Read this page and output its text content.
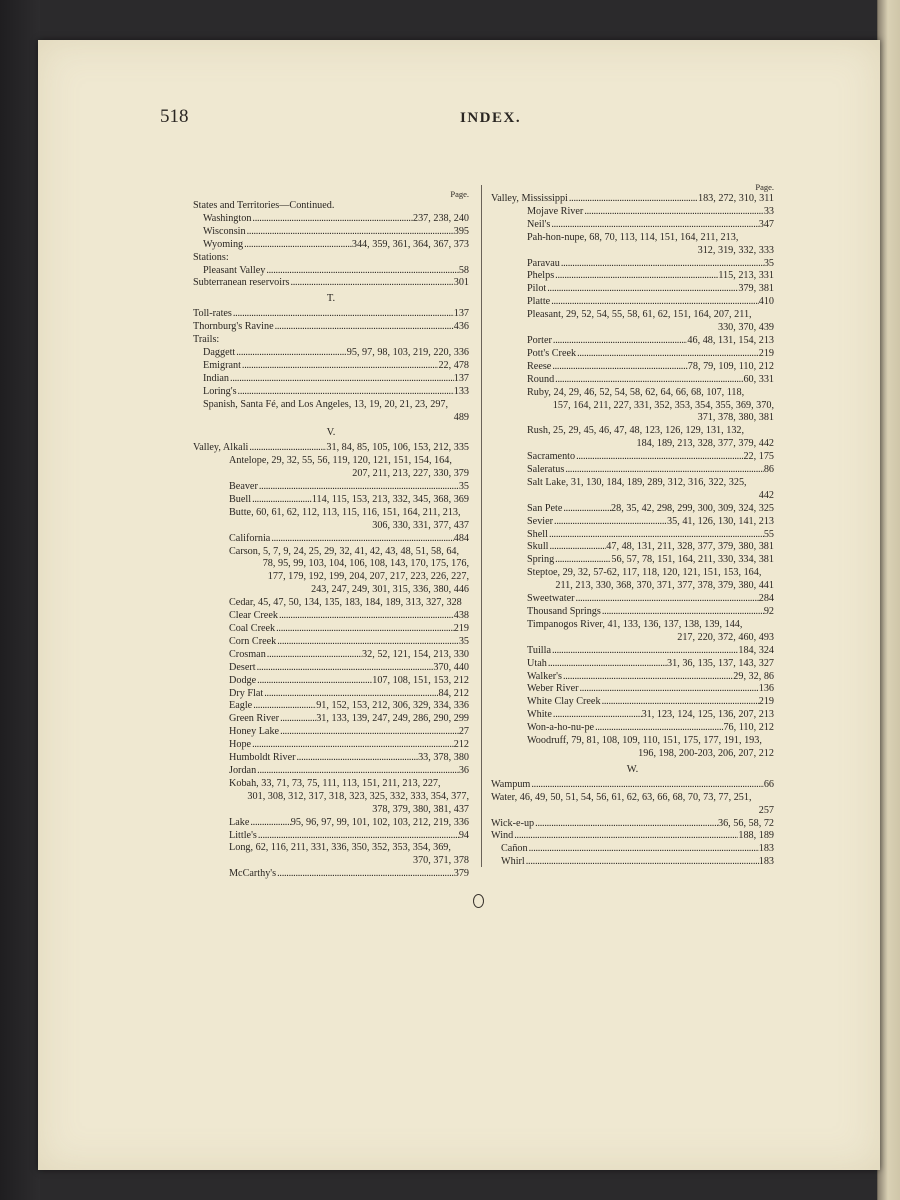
518	INDEX.
Page.
States and Territories—Continued.
Washington . . .	237, 238, 240
Wisconsin . . .	395
Wyoming . . .	344, 359, 361, 364, 367, 373
Stations:
Pleasant Valley . . .	58
Subterranean reservoirs . . .	301
T.
Toll-rates . . .	137
Thornburg's Ravine . . .	436
Trails:
Daggett . . .	95, 97, 98, 103, 219, 220, 336
Emigrant . . .	22, 478
Indian . . .	137
Loring's . . .	133
Spanish, Santa Fé, and Los Angeles, 13, 19, 20, 21, 23, 297,
489
V.
Valley, Alkali . . .	31, 84, 85, 105, 106, 153, 212, 335
Antelope, 29, 32, 55, 56, 119, 120, 121, 151, 154, 164,
207, 211, 213, 227, 330, 379
Beaver . . .	35
Buell . . .	114, 115, 153, 213, 332, 345, 368, 369
Butte, 60, 61, 62, 112, 113, 115, 116, 151, 164, 211, 213,
306, 330, 331, 377, 437
California . . .	484
Carson, 5, 7, 9, 24, 25, 29, 32, 41, 42, 43, 48, 51, 58, 64,
78, 95, 99, 103, 104, 106, 108, 143, 170, 175, 176,
177, 179, 192, 199, 204, 207, 217, 223, 226, 227,
243, 247, 249, 301, 315, 336, 380, 446
Cedar, 45, 47, 50, 134, 135, 183, 184, 189, 313, 327, 328
Clear Creek . . .	438
Coal Creek . . .	219
Corn Creek . . .	35
Crosman . . .	32, 52, 121, 154, 213, 330
Desert . . .	370, 440
Dodge . . .	107, 108, 151, 153, 212
Dry Flat . . .	84, 212
Eagle . . .	91, 152, 153, 212, 306, 329, 334, 336
Green River . . .	31, 133, 139, 247, 249, 286, 290, 299
Honey Lake . . .	27
Hope . . .	212
Humboldt River . . .	33, 378, 380
Jordan . . .	36
Kobah, 33, 71, 73, 75, 111, 113, 151, 211, 213, 227,
301, 308, 312, 317, 318, 323, 325, 332, 333, 354, 377,
378, 379, 380, 381, 437
Lake . . .	95, 96, 97, 99, 101, 102, 103, 212, 219, 336
Little's . . .	94
Long, 62, 116, 211, 331, 336, 350, 352, 353, 354, 369,
370, 371, 378
McCarthy's . . .	379
Page.
Valley, Mississippi . . .	183, 272, 310, 311
Mojave River . . .	33
Neil's . . .	347
Pah-hon-nupe, 68, 70, 113, 114, 151, 164, 211, 213,
312, 319, 332, 333
Paravau . . .	35
Phelps . . .	115, 213, 331
Pilot . . .	379, 381
Platte . . .	410
Pleasant, 29, 52, 54, 55, 58, 61, 62, 151, 164, 207, 211,
330, 370, 439
Porter . . .	46, 48, 131, 154, 213
Pott's Creek . . .	219
Reese . . .	78, 79, 109, 110, 212
Round . . .	60, 331
Ruby, 24, 29, 46, 52, 54, 58, 62, 64, 66, 68, 107, 118,
157, 164, 211, 227, 331, 352, 353, 354, 355, 369, 370,
371, 378, 380, 381
Rush, 25, 29, 45, 46, 47, 48, 123, 126, 129, 131, 132,
184, 189, 213, 328, 377, 379, 442
Sacramento . . .	22, 175
Saleratus . . .	86
Salt Lake, 31, 130, 184, 189, 289, 312, 316, 322, 325,
442
San Pete . . .	28, 35, 42, 298, 299, 300, 309, 324, 325
Sevier . . .	35, 41, 126, 130, 141, 213
Shell . . .	55
Skull . . .	47, 48, 131, 211, 328, 377, 379, 380, 381
Spring . . .	56, 57, 78, 151, 164, 211, 330, 334, 381
Steptoe, 29, 32, 57-62, 117, 118, 120, 121, 151, 153, 164,
211, 213, 330, 368, 370, 371, 377, 378, 379, 380, 441
Sweetwater . . .	284
Thousand Springs . . .	92
Timpanogos River, 41, 133, 136, 137, 138, 139, 144,
217, 220, 372, 460, 493
Tuilla . . .	184, 324
Utah . . .	31, 36, 135, 137, 143, 327
Walker's . . .	29, 32, 86
Weber River . . .	136
White Clay Creek . . .	219
White . . .	31, 123, 124, 125, 136, 207, 213
Won-a-ho-nu-pe . . .	76, 110, 212
Woodruff, 79, 81, 108, 109, 110, 151, 175, 177, 191, 193,
196, 198, 200-203, 206, 207, 212
W.
Wampum . . .	66
Water, 46, 49, 50, 51, 54, 56, 61, 62, 63, 66, 68, 70, 73, 77, 251,
257
Wick-e-up . . .	36, 56, 58, 72
Wind . . .	188, 189
Cañon . . .	183
Whirl . . .	183
